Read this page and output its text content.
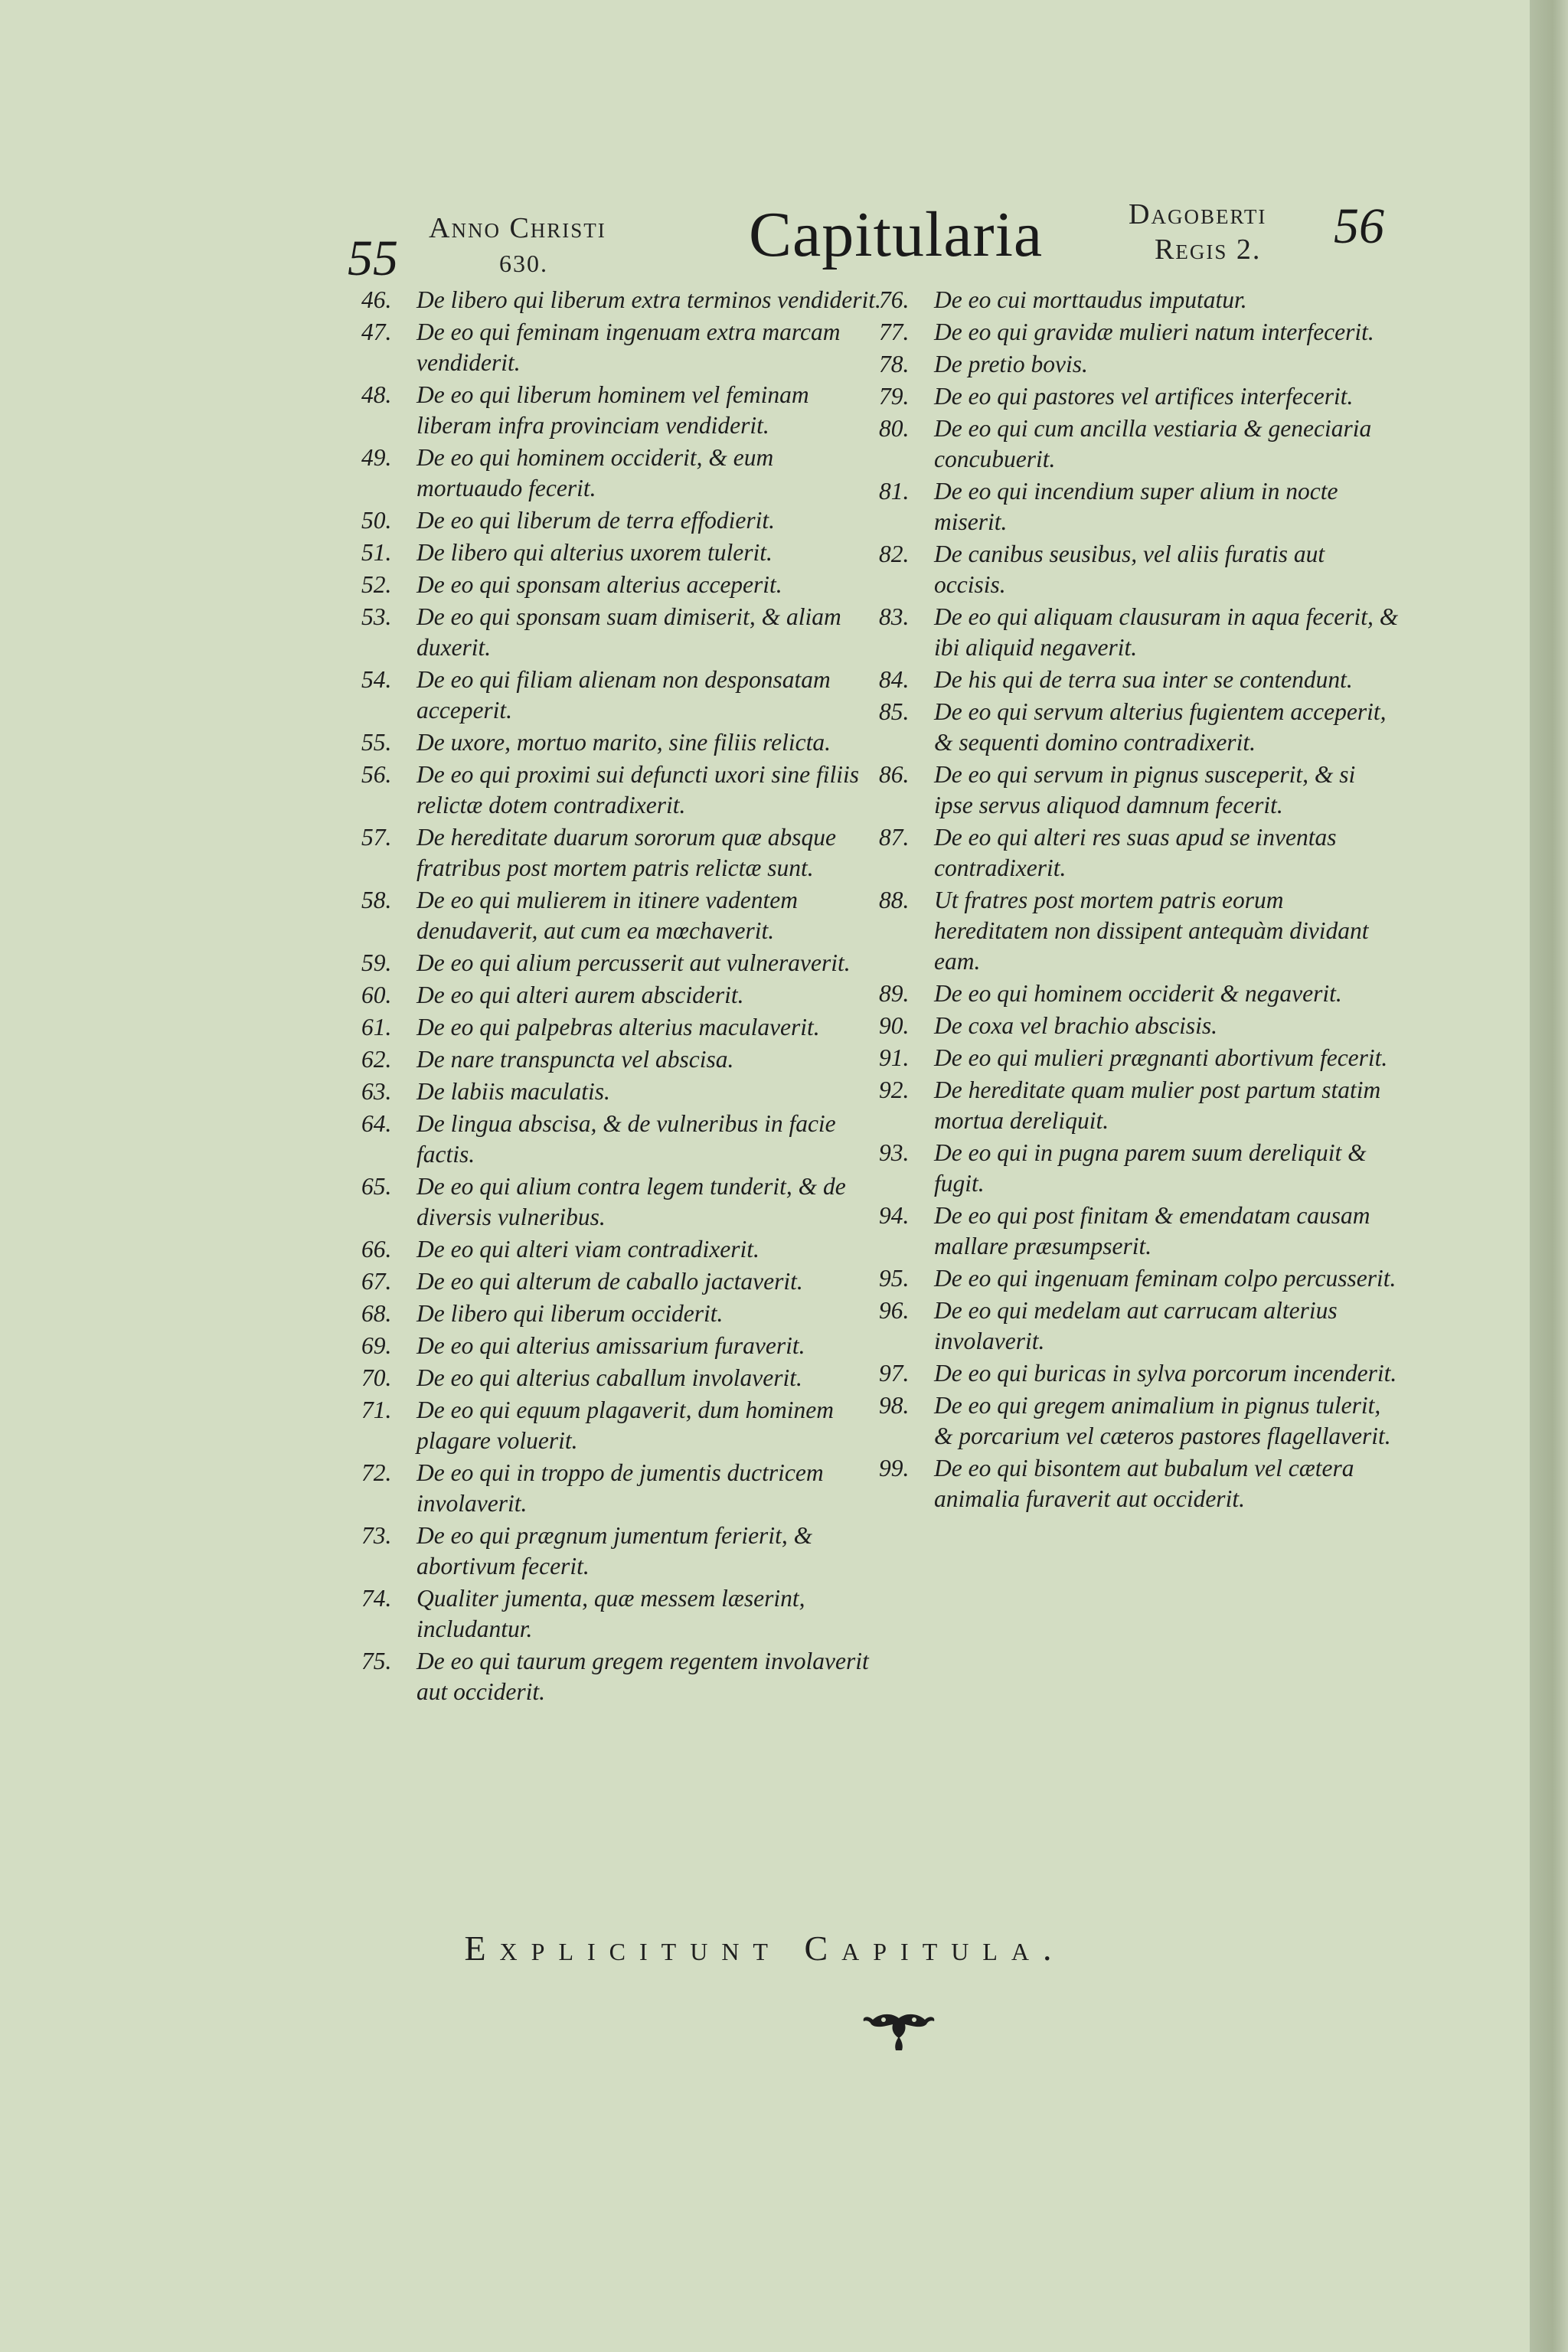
55
Anno Christi
630.	Capitularia	Dagoberti
Regis 2. 56
46.	De libero qui liberum extra terminos vendiderit.
47.	De eo qui feminam ingenuam extra marcam vendiderit.
48.	De eo qui liberum hominem vel feminam liberam infra provinciam vendiderit.
49.	De eo qui hominem occiderit, & eum mortuaudo fecerit.
50.	De eo qui liberum de terra effodierit.
51.	De libero qui alterius uxorem tulerit.
52.	De eo qui sponsam alterius acceperit.
53.	De eo qui sponsam suam dimiserit, & aliam duxerit.
54.	De eo qui filiam alienam non desponsatam acceperit.
55.	De uxore, mortuo marito, sine filiis relicta.
56.	De eo qui proximi sui defuncti uxori sine filiis relictæ dotem contradixerit.
57.	De hereditate duarum sororum quæ absque fratribus post mortem patris relictæ sunt.
58.	De eo qui mulierem in itinere vadentem denudaverit, aut cum ea mœchaverit.
59.	De eo qui alium percusserit aut vulneraverit.
60.	De eo qui alteri aurem absciderit.
61.	De eo qui palpebras alterius maculaverit.
62.	De nare transpuncta vel abscisa.
63.	De labiis maculatis.
64.	De lingua abscisa, & de vulneribus in facie factis.
65.	De eo qui alium contra legem tunderit, & de diversis vulneribus.
66.	De eo qui alteri viam contradixerit.
67.	De eo qui alterum de caballo jactaverit.
68.	De libero qui liberum occiderit.
69.	De eo qui alterius amissarium furaverit.
70.	De eo qui alterius caballum involaverit.
71.	De eo qui equum plagaverit, dum hominem plagare voluerit.
72.	De eo qui in troppo de jumentis ductricem involaverit.
73.	De eo qui prægnum jumentum ferierit, & abortivum fecerit.
74.	Qualiter jumenta, quæ messem læserint, includantur.
75.	De eo qui taurum gregem regentem involaverit aut occiderit.
76.	De eo cui morttaudus imputatur.
77.	De eo qui gravidæ mulieri natum interfecerit.
78.	De pretio bovis.
79.	De eo qui pastores vel artifices interfecerit.
80.	De eo qui cum ancilla vestiaria & geneciaria concubuerit.
81.	De eo qui incendium super alium in nocte miserit.
82.	De canibus seusibus, vel aliis furatis aut occisis.
83.	De eo qui aliquam clausuram in aqua fecerit, & ibi aliquid negaverit.
84.	De his qui de terra sua inter se contendunt.
85.	De eo qui servum alterius fugientem acceperit, & sequenti domino contradixerit.
86.	De eo qui servum in pignus susceperit, & si ipse servus aliquod damnum fecerit.
87.	De eo qui alteri res suas apud se inventas contradixerit.
88.	Ut fratres post mortem patris eorum hereditatem non dissipent antequàm dividant eam.
89.	De eo qui hominem occiderit & negaverit.
90.	De coxa vel brachio abscisis.
91.	De eo qui mulieri prægnanti abortivum fecerit.
92.	De hereditate quam mulier post partum statim mortua dereliquit.
93.	De eo qui in pugna parem suum dereliquit & fugit.
94.	De eo qui post finitam & emendatam causam mallare præsumpserit.
95.	De eo qui ingenuam feminam colpo percusserit.
96.	De eo qui medelam aut carrucam alterius involaverit.
97.	De eo qui buricas in sylva porcorum incenderit.
98.	De eo qui gregem animalium in pignus tulerit, & porcarium vel cæteros pastores flagellaverit.
99.	De eo qui bisontem aut bubalum vel cætera animalia furaverit aut occiderit.
Explicitunt Capitula.
